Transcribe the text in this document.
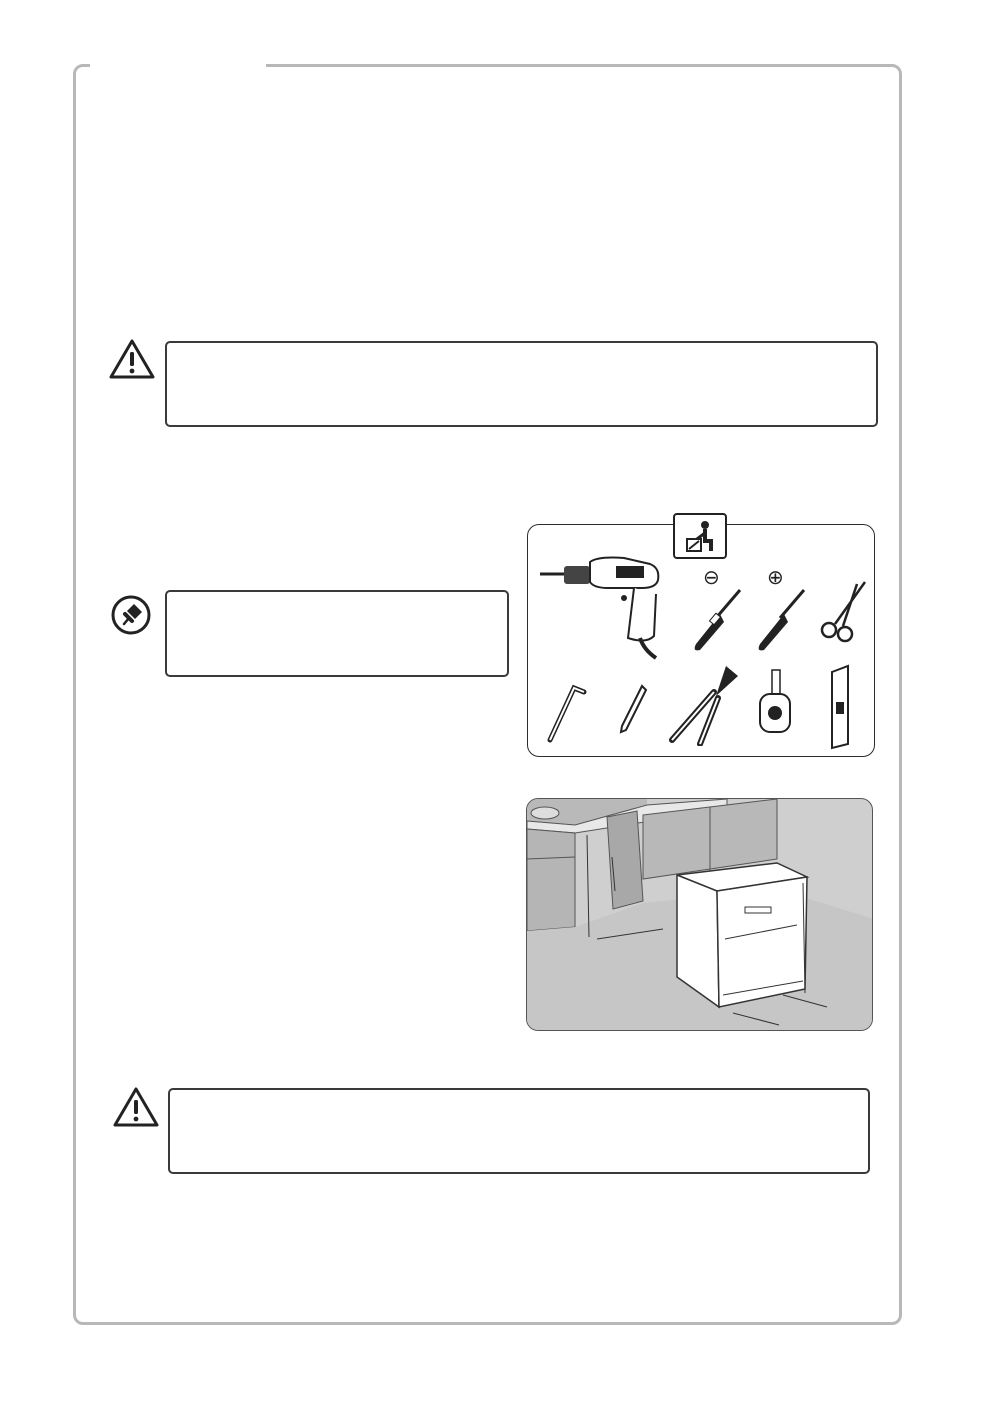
⊖ ⊕
